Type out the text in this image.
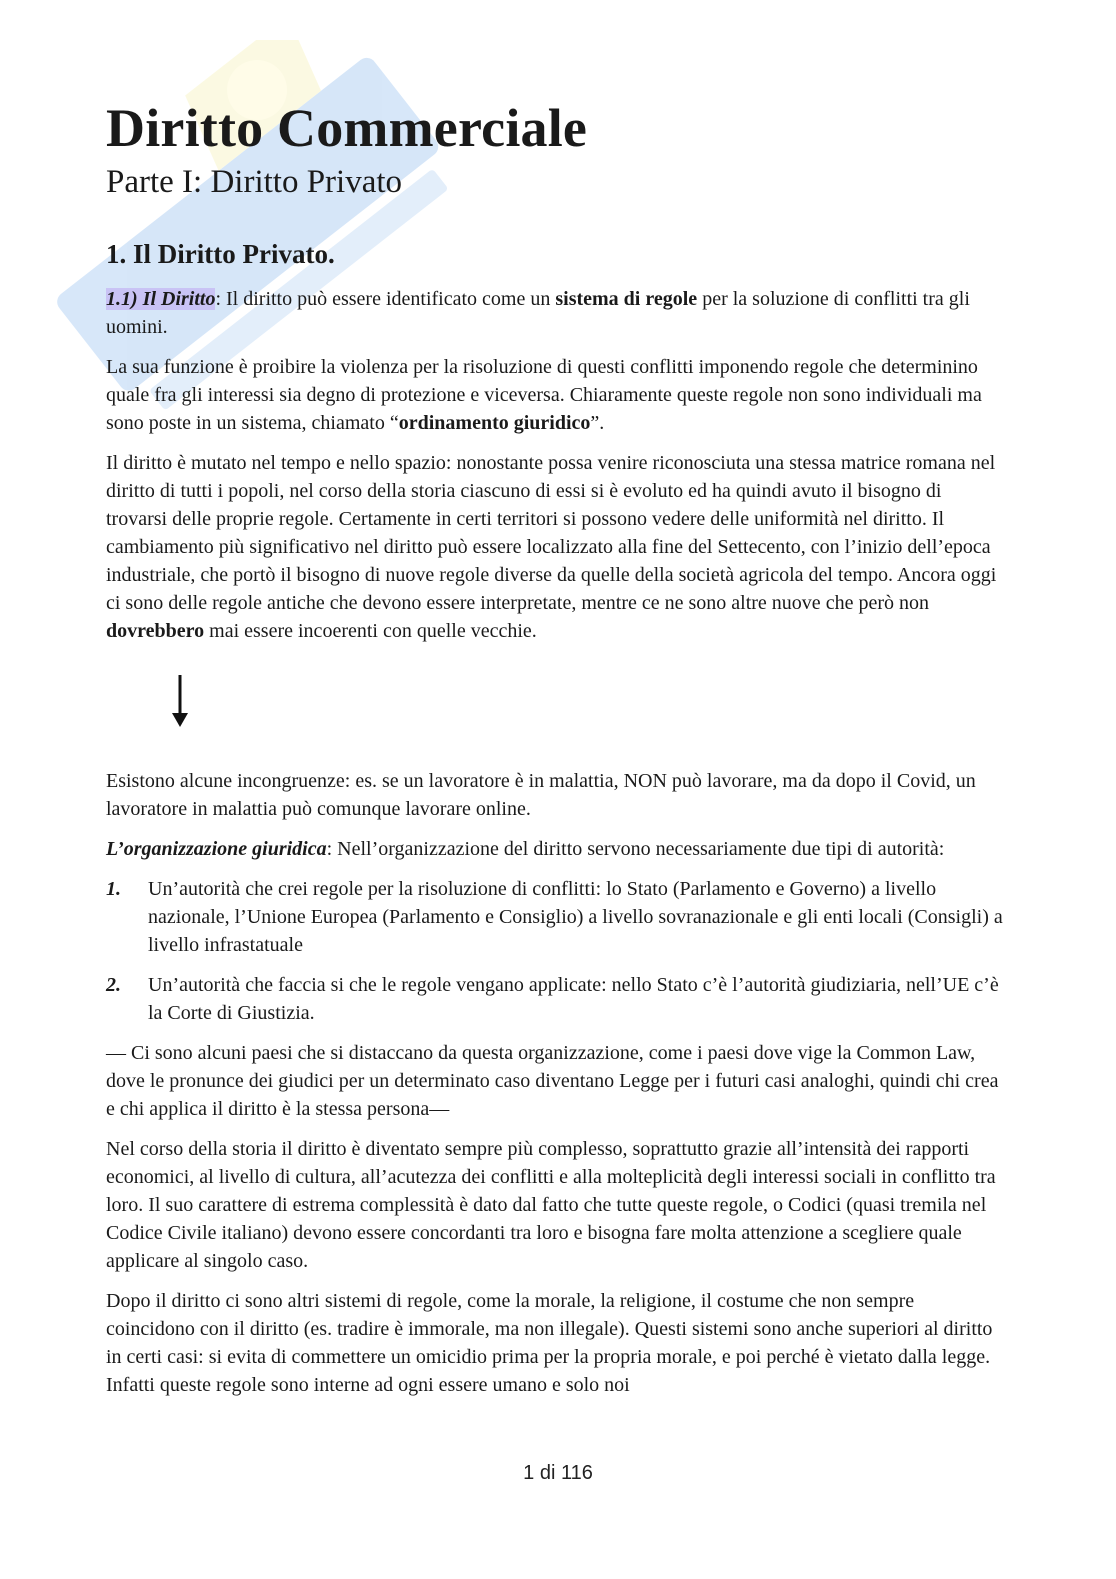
Diritto Commerciale
Parte I: Diritto Privato
1. Il Diritto Privato.

1.1) Il Diritto: Il diritto può essere identificato come un sistema di regole per la soluzione di conflitti tra gli uomini.

La sua funzione è proibire la violenza per la risoluzione di questi conflitti imponendo regole che determinino quale fra gli interessi sia degno di protezione e viceversa. Chiaramente queste regole non sono individuali ma sono poste in un sistema, chiamato “ordinamento giuridico”.

Il diritto è mutato nel tempo e nello spazio: nonostante possa venire riconosciuta una stessa matrice romana nel diritto di tutti i popoli, nel corso della storia ciascuno di essi si è evoluto ed ha quindi avuto il bisogno di trovarsi delle proprie regole. Certamente in certi territori si possono vedere delle uniformità nel diritto. Il cambiamento più significativo nel diritto può essere localizzato alla fine del Settecento, con l’inizio dell’epoca industriale, che portò il bisogno di nuove regole diverse da quelle della società agricola del tempo. Ancora oggi ci sono delle regole antiche che devono essere interpretate, mentre ce ne sono altre nuove che però non dovrebbero mai essere incoerenti con quelle vecchie.

Esistono alcune incongruenze: es. se un lavoratore è in malattia, NON può lavorare, ma da dopo il Covid, un lavoratore in malattia può comunque lavorare online.

L’organizzazione giuridica: Nell’organizzazione del diritto servono necessariamente due tipi di autorità:

1. Un’autorità che crei regole per la risoluzione di conflitti: lo Stato (Parlamento e Governo) a livello nazionale, l’Unione Europea (Parlamento e Consiglio) a livello sovranazionale e gli enti locali (Consigli) a livello infrastatuale
2. Un’autorità che faccia si che le regole vengano applicate: nello Stato c’è l’autorità giudiziaria, nell’UE c’è la Corte di Giustizia.

— Ci sono alcuni paesi che si distaccano da questa organizzazione, come i paesi dove vige la Common Law, dove le pronunce dei giudici per un determinato caso diventano Legge per i futuri casi analoghi, quindi chi crea e chi applica il diritto è la stessa persona—

Nel corso della storia il diritto è diventato sempre più complesso, soprattutto grazie all’intensità dei rapporti economici, al livello di cultura, all’acutezza dei conflitti e alla molteplicità degli interessi sociali in conflitto tra loro. Il suo carattere di estrema complessità è dato dal fatto che tutte queste regole, o Codici (quasi tremila nel Codice Civile italiano) devono essere concordanti tra loro e bisogna fare molta attenzione a scegliere quale applicare al singolo caso.

Dopo il diritto ci sono altri sistemi di regole, come la morale, la religione, il costume che non sempre coincidono con il diritto (es. tradire è immorale, ma non illegale). Questi sistemi sono anche superiori al diritto in certi casi: si evita di commettere un omicidio prima per la propria morale, e poi perché è vietato dalla legge. Infatti queste regole sono interne ad ogni essere umano e solo noi

1 di 116
